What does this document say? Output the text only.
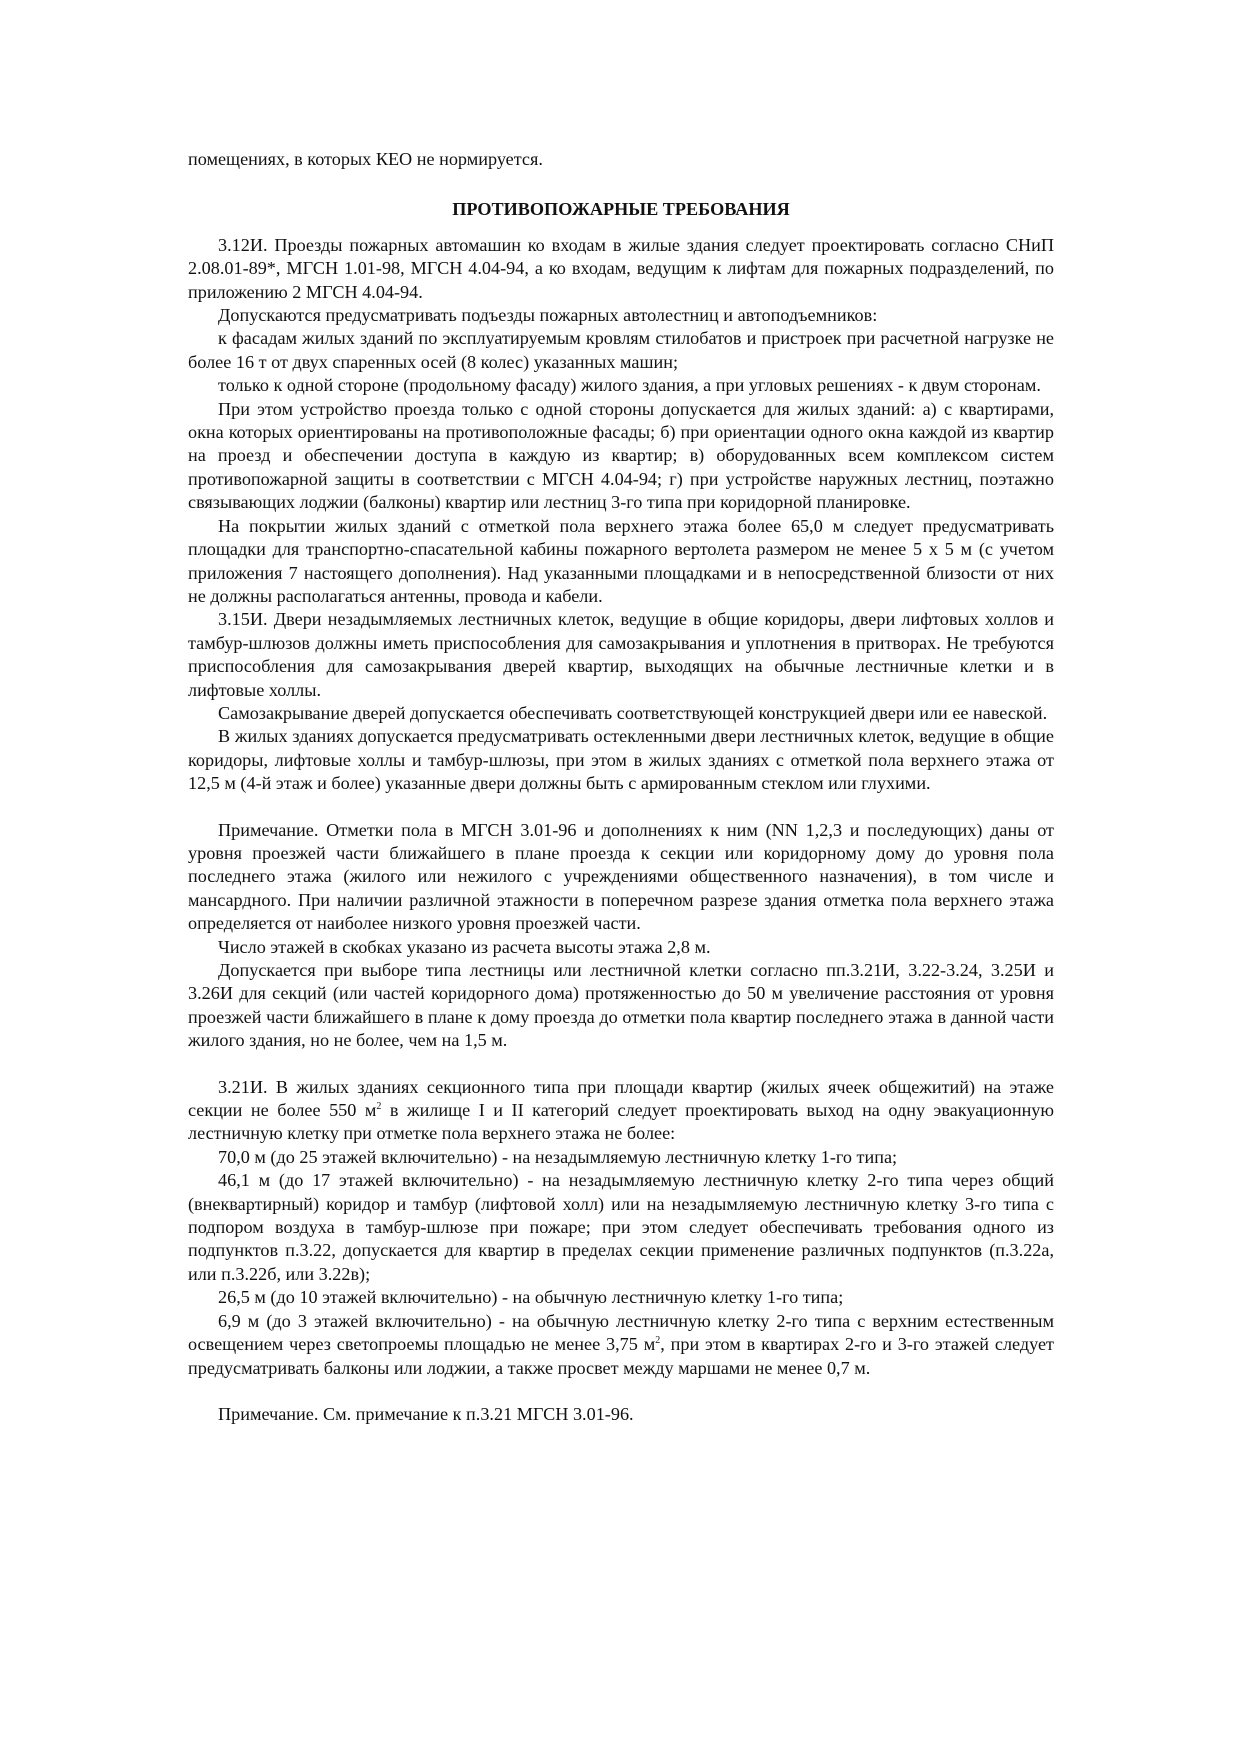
помещениях, в которых КЕО не нормируется.

ПРОТИВОПОЖАРНЫЕ ТРЕБОВАНИЯ

3.12И. Проезды пожарных автомашин ко входам в жилые здания следует проектировать согласно СНиП 2.08.01-89*, МГСН 1.01-98, МГСН 4.04-94, а ко входам, ведущим к лифтам для пожарных подразделений, по приложению 2 МГСН 4.04-94.

Допускаются предусматривать подъезды пожарных автолестниц и автоподъемников:

к фасадам жилых зданий по эксплуатируемым кровлям стилобатов и пристроек при расчетной нагрузке не более 16 т от двух спаренных осей (8 колес) указанных машин;

только к одной стороне (продольному фасаду) жилого здания, а при угловых решениях - к двум сторонам.

При этом устройство проезда только с одной стороны допускается для жилых зданий: а) с квартирами, окна которых ориентированы на противоположные фасады; б) при ориентации одного окна каждой из квартир на проезд и обеспечении доступа в каждую из квартир; в) оборудованных всем комплексом систем противопожарной защиты в соответствии с МГСН 4.04-94; г) при устройстве наружных лестниц, поэтажно связывающих лоджии (балконы) квартир или лестниц 3-го типа при коридорной планировке.

На покрытии жилых зданий с отметкой пола верхнего этажа более 65,0 м следует предусматривать площадки для транспортно-спасательной кабины пожарного вертолета размером не менее 5 х 5 м (с учетом приложения 7 настоящего дополнения). Над указанными площадками и в непосредственной близости от них не должны располагаться антенны, провода и кабели.

3.15И. Двери незадымляемых лестничных клеток, ведущие в общие коридоры, двери лифтовых холлов и тамбур-шлюзов должны иметь приспособления для самозакрывания и уплотнения в притворах. Не требуются приспособления для самозакрывания дверей квартир, выходящих на обычные лестничные клетки и в лифтовые холлы.

Самозакрывание дверей допускается обеспечивать соответствующей конструкцией двери или ее навеской.

В жилых зданиях допускается предусматривать остекленными двери лестничных клеток, ведущие в общие коридоры, лифтовые холлы и тамбур-шлюзы, при этом в жилых зданиях с отметкой пола верхнего этажа от 12,5 м (4-й этаж и более) указанные двери должны быть с армированным стеклом или глухими.

Примечание. Отметки пола в МГСН 3.01-96 и дополнениях к ним (NN 1,2,3 и последующих) даны от уровня проезжей части ближайшего в плане проезда к секции или коридорному дому до уровня пола последнего этажа (жилого или нежилого с учреждениями общественного назначения), в том числе и мансардного. При наличии различной этажности в поперечном разрезе здания отметка пола верхнего этажа определяется от наиболее низкого уровня проезжей части.

Число этажей в скобках указано из расчета высоты этажа 2,8 м.

Допускается при выборе типа лестницы или лестничной клетки согласно пп.3.21И, 3.22-3.24, 3.25И и 3.26И для секций (или частей коридорного дома) протяженностью до 50 м увеличение расстояния от уровня проезжей части ближайшего в плане к дому проезда до отметки пола квартир последнего этажа в данной части жилого здания, но не более, чем на 1,5 м.

3.21И. В жилых зданиях секционного типа при площади квартир (жилых ячеек общежитий) на этаже секции не более 550 $м^2$ в жилище I и II категорий следует проектировать выход на одну эвакуационную лестничную клетку при отметке пола верхнего этажа не более:

70,0 м (до 25 этажей включительно) - на незадымляемую лестничную клетку 1-го типа;

46,1 м (до 17 этажей включительно) - на незадымляемую лестничную клетку 2-го типа через общий (внеквартирный) коридор и тамбур (лифтовой холл) или на незадымляемую лестничную клетку 3-го типа с подпором воздуха в тамбур-шлюзе при пожаре; при этом следует обеспечивать требования одного из подпунктов п.3.22, допускается для квартир в пределах секции применение различных подпунктов (п.3.22а, или п.3.22б, или 3.22в);

26,5 м (до 10 этажей включительно) - на обычную лестничную клетку 1-го типа;

6,9 м (до 3 этажей включительно) - на обычную лестничную клетку 2-го типа с верхним естественным освещением через светопроемы площадью не менее 3,75 $м^2$, при этом в квартирах 2-го и 3-го этажей следует предусматривать балконы или лоджии, а также просвет между маршами не менее 0,7 м.

Примечание. См. примечание к п.3.21 МГСН 3.01-96.
